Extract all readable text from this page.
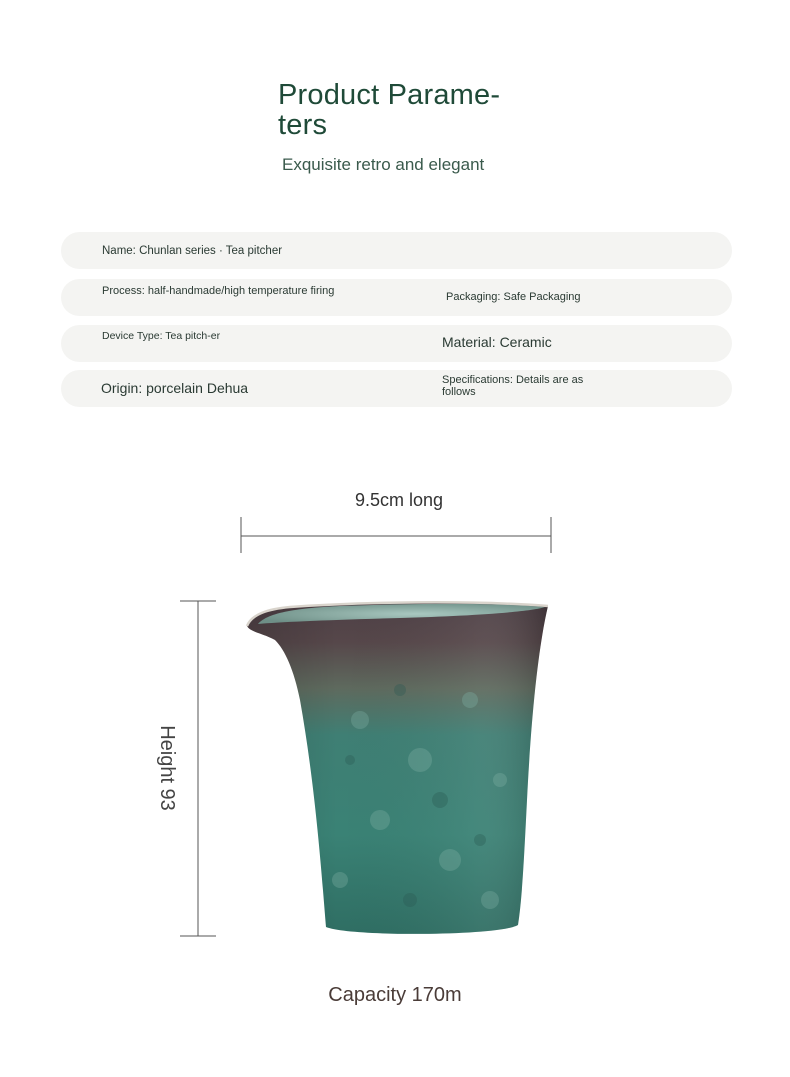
Product Parame-ters
Exquisite retro and elegant
Name: Chunlan series · Tea pitcher
Process: half-handmade/high temperature firing	Packaging: Safe Packaging
Device Type: Tea pitch-er	Material: Ceramic
Origin: porcelain Dehua	Specifications: Details are as follows
9.5cm long
Height 93
Capacity 170m
